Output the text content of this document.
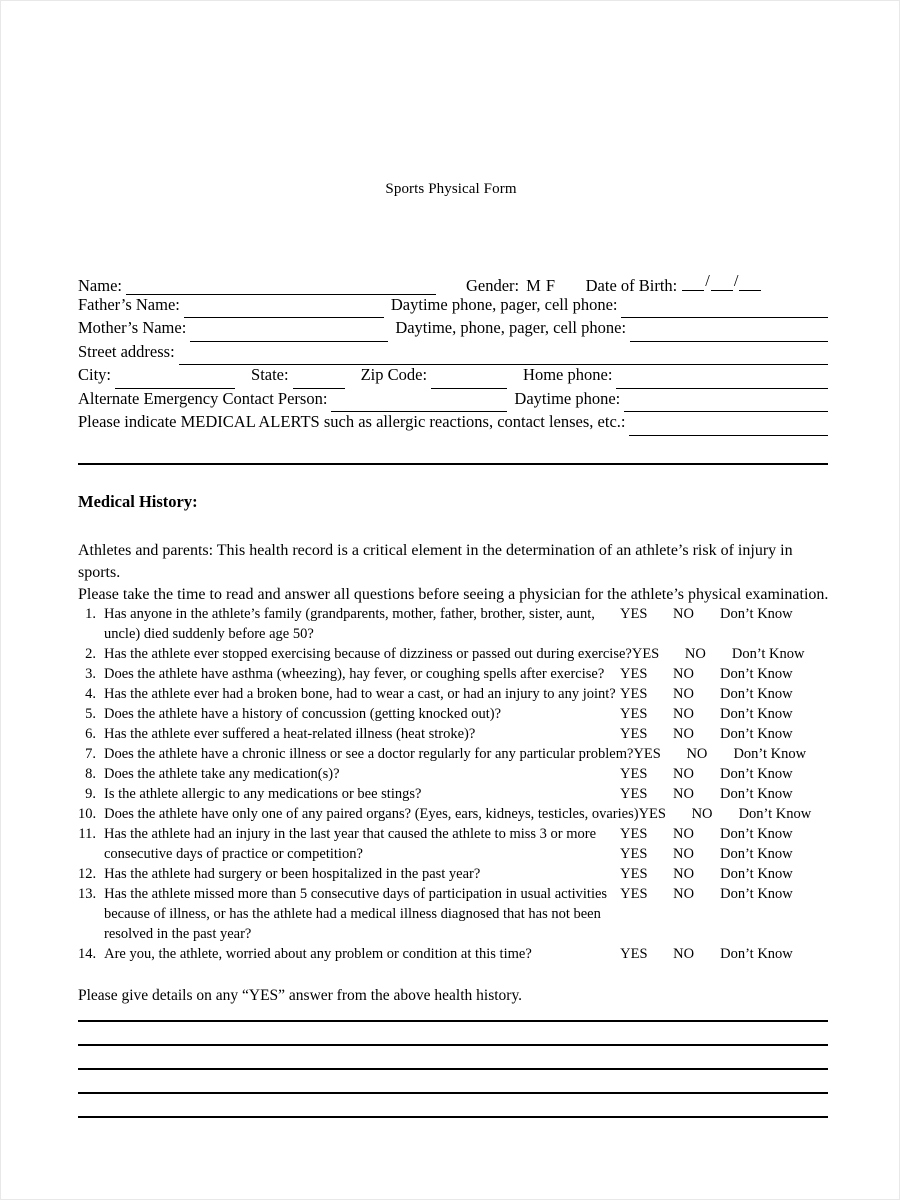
Sports Physical Form
Name:	Gender: M F Date of Birth: / /
Father’s Name:	Daytime phone, pager, cell phone:
Mother’s Name:	Daytime, phone, pager, cell phone:
Street address:
City:	State:	Zip Code:	Home phone:
Alternate Emergency Contact Person:	Daytime phone:
Please indicate MEDICAL ALERTS such as allergic reactions, contact lenses, etc.:
Medical History:
Athletes and parents: This health record is a critical element in the determination of an athlete’s risk of injury in sports.
Please take the time to read and answer all questions before seeing a physician for the athlete’s physical examination.
1. Has anyone in the athlete’s family (grandparents, mother, father, brother, sister, aunt,	YES	NO	Don’t Know
uncle) died suddenly before age 50?
2. Has the athlete ever stopped exercising because of dizziness or passed out during exercise? YES	NO	Don’t Know
3. Does the athlete have asthma (wheezing), hay fever, or coughing spells after exercise?	YES	NO	Don’t Know
4. Has the athlete ever had a broken bone, had to wear a cast, or had an injury to any joint? YES	NO	Don’t Know
5. Does the athlete have a history of concussion (getting knocked out)?	YES	NO	Don’t Know
6. Has the athlete ever suffered a heat-related illness (heat stroke)?	YES	NO	Don’t Know
7. Does the athlete have a chronic illness or see a doctor regularly for any particular problem? YES	NO	Don’t Know
8. Does the athlete take any medication(s)?	YES	NO	Don’t Know
9. Is the athlete allergic to any medications or bee stings?	YES	NO	Don’t Know
10. Does the athlete have only one of any paired organs? (Eyes, ears, kidneys, testicles, ovaries) YES	NO	Don’t Know
11. Has the athlete had an injury in the last year that caused the athlete to miss 3 or more	YES	NO	Don’t Know
consecutive days of practice or competition?	YES	NO	Don’t Know
12. Has the athlete had surgery or been hospitalized in the past year?	YES	NO	Don’t Know
13. Has the athlete missed more than 5 consecutive days of participation in usual activities YES	NO	Don’t Know
because of illness, or has the athlete had a medical illness diagnosed that has not been
resolved in the past year?
14. Are you, the athlete, worried about any problem or condition at this time?	YES	NO	Don’t Know
Please give details on any “YES” answer from the above health history.
